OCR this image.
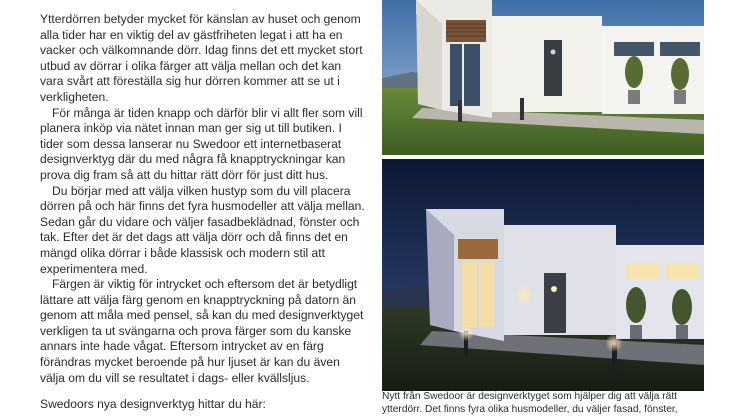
Ytterdörren betyder mycket för känslan av huset och genom alla tider har en viktig del av gästfriheten legat i att ha en vacker och välkomnande dörr. Idag finns det ett mycket stort utbud av dörrar i olika färger att välja mellan och det kan vara svårt att föreställa sig hur dörren kommer att se ut i verkligheten.

För många är tiden knapp och därför blir vi allt fler som vill planera inköp via nätet innan man ger sig ut till butiken. I tider som dessa lanserar nu Swedoor ett internetbaserat designverktyg där du med några få knapptryckningar kan prova dig fram så att du hittar rätt dörr för just ditt hus.

Du börjar med att välja vilken hustyp som du vill placera dörren på och här finns det fyra husmodeller att välja mellan. Sedan går du vidare och väljer fasadbeklädnad, fönster och tak. Efter det är det dags att välja dörr och då finns det en mängd olika dörrar i både klassisk och modern stil att experimentera med.

Färgen är viktig för intrycket och eftersom det är betydligt lättare att välja färg genom en knapptryckning på datorn än genom att måla med pensel, så kan du med designverktyget verkligen ta ut svängarna och prova färger som du kanske annars inte hade vågat. Eftersom intrycket av en färg förändras mycket beroende på hur ljuset är kan du även välja om du vill se resultatet i dags- eller kvällsljus.

Swedoors nya designverktyg hittar du här:

Nytt från Swedoor är designverktyget som hjälper dig att välja rätt ytterdörr. Det finns fyra olika husmodeller, du väljer fasad, fönster,
